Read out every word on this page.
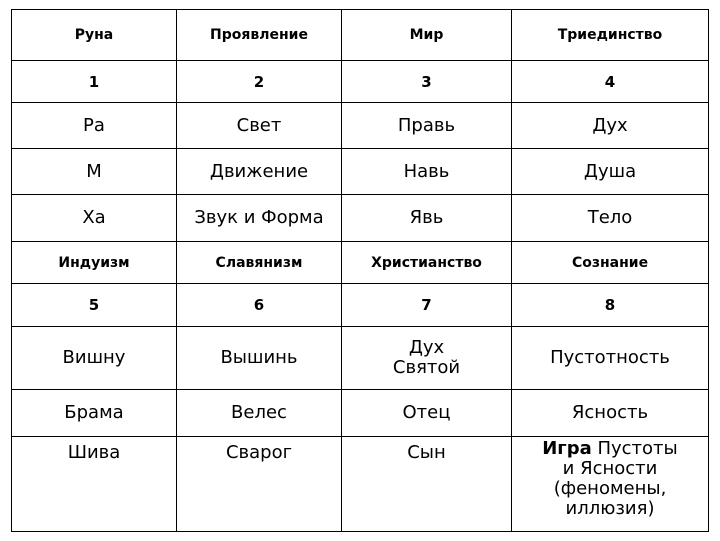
Руна	Проявление	Мир	Триединство
1	2	3	4
Ра	Свет	Правь	Дух
М	Движение	Навь	Душа
Ха	Звук и Форма	Явь	Тело
Индуизм	Славянизм	Христианство	Сознание
5	6	7	8
Вишну	Вышинь	Дух Святой	Пустотность
Брама	Велес	Отец	Ясность
Шива	Сварог	Сын	Игра Пустоты и Ясности (феномены, иллюзия)
